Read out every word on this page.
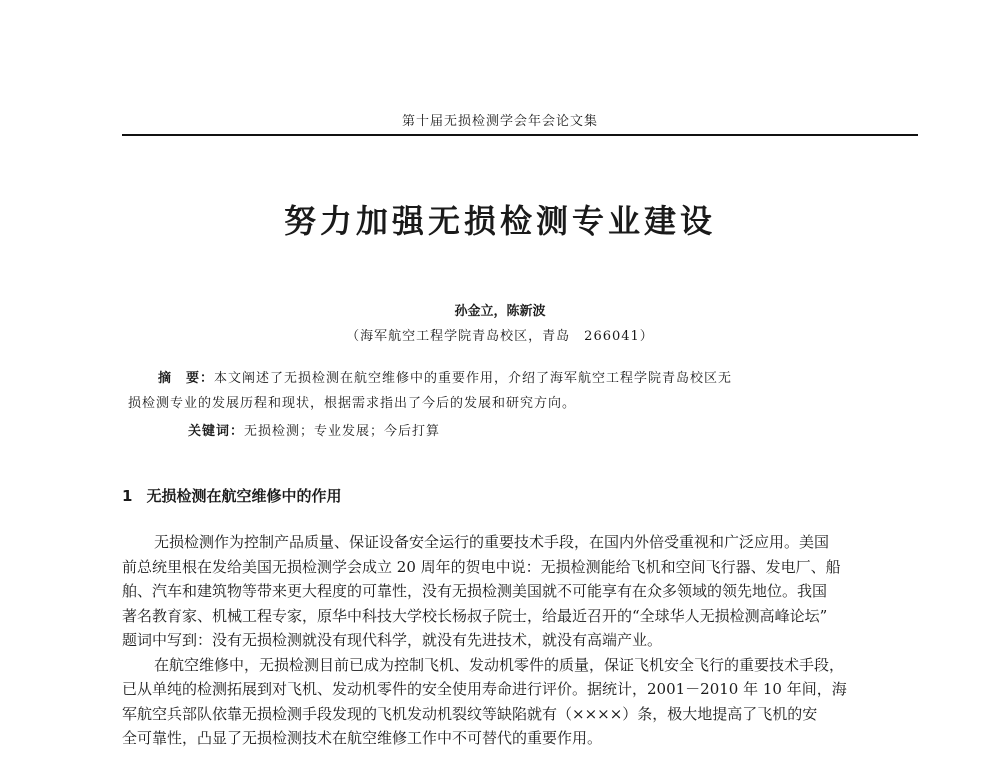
第十届无损检测学会年会论文集
努力加强无损检测专业建设
孙金立，陈新波
（海军航空工程学院青岛校区，青岛　266041）
摘　要：本文阐述了无损检测在航空维修中的重要作用，介绍了海军航空工程学院青岛校区无
损检测专业的发展历程和现状，根据需求指出了今后的发展和研究方向。
关键词：无损检测；专业发展；今后打算
1 无损检测在航空维修中的作用
无损检测作为控制产品质量、保证设备安全运行的重要技术手段，在国内外倍受重视和广泛应用。美国
前总统里根在发给美国无损检测学会成立 20 周年的贺电中说：无损检测能给飞机和空间飞行器、发电厂、船
舶、汽车和建筑物等带来更大程度的可靠性，没有无损检测美国就不可能享有在众多领域的领先地位。我国
著名教育家、机械工程专家，原华中科技大学校长杨叔子院士，给最近召开的“全球华人无损检测高峰论坛”
题词中写到：没有无损检测就没有现代科学，就没有先进技术，就没有高端产业。
在航空维修中，无损检测目前已成为控制飞机、发动机零件的质量，保证飞机安全飞行的重要技术手段，
已从单纯的检测拓展到对飞机、发动机零件的安全使用寿命进行评价。据统计，2001－2010 年 10 年间，海
军航空兵部队依靠无损检测手段发现的飞机发动机裂纹等缺陷就有（××××）条，极大地提高了飞机的安
全可靠性，凸显了无损检测技术在航空维修工作中不可替代的重要作用。
